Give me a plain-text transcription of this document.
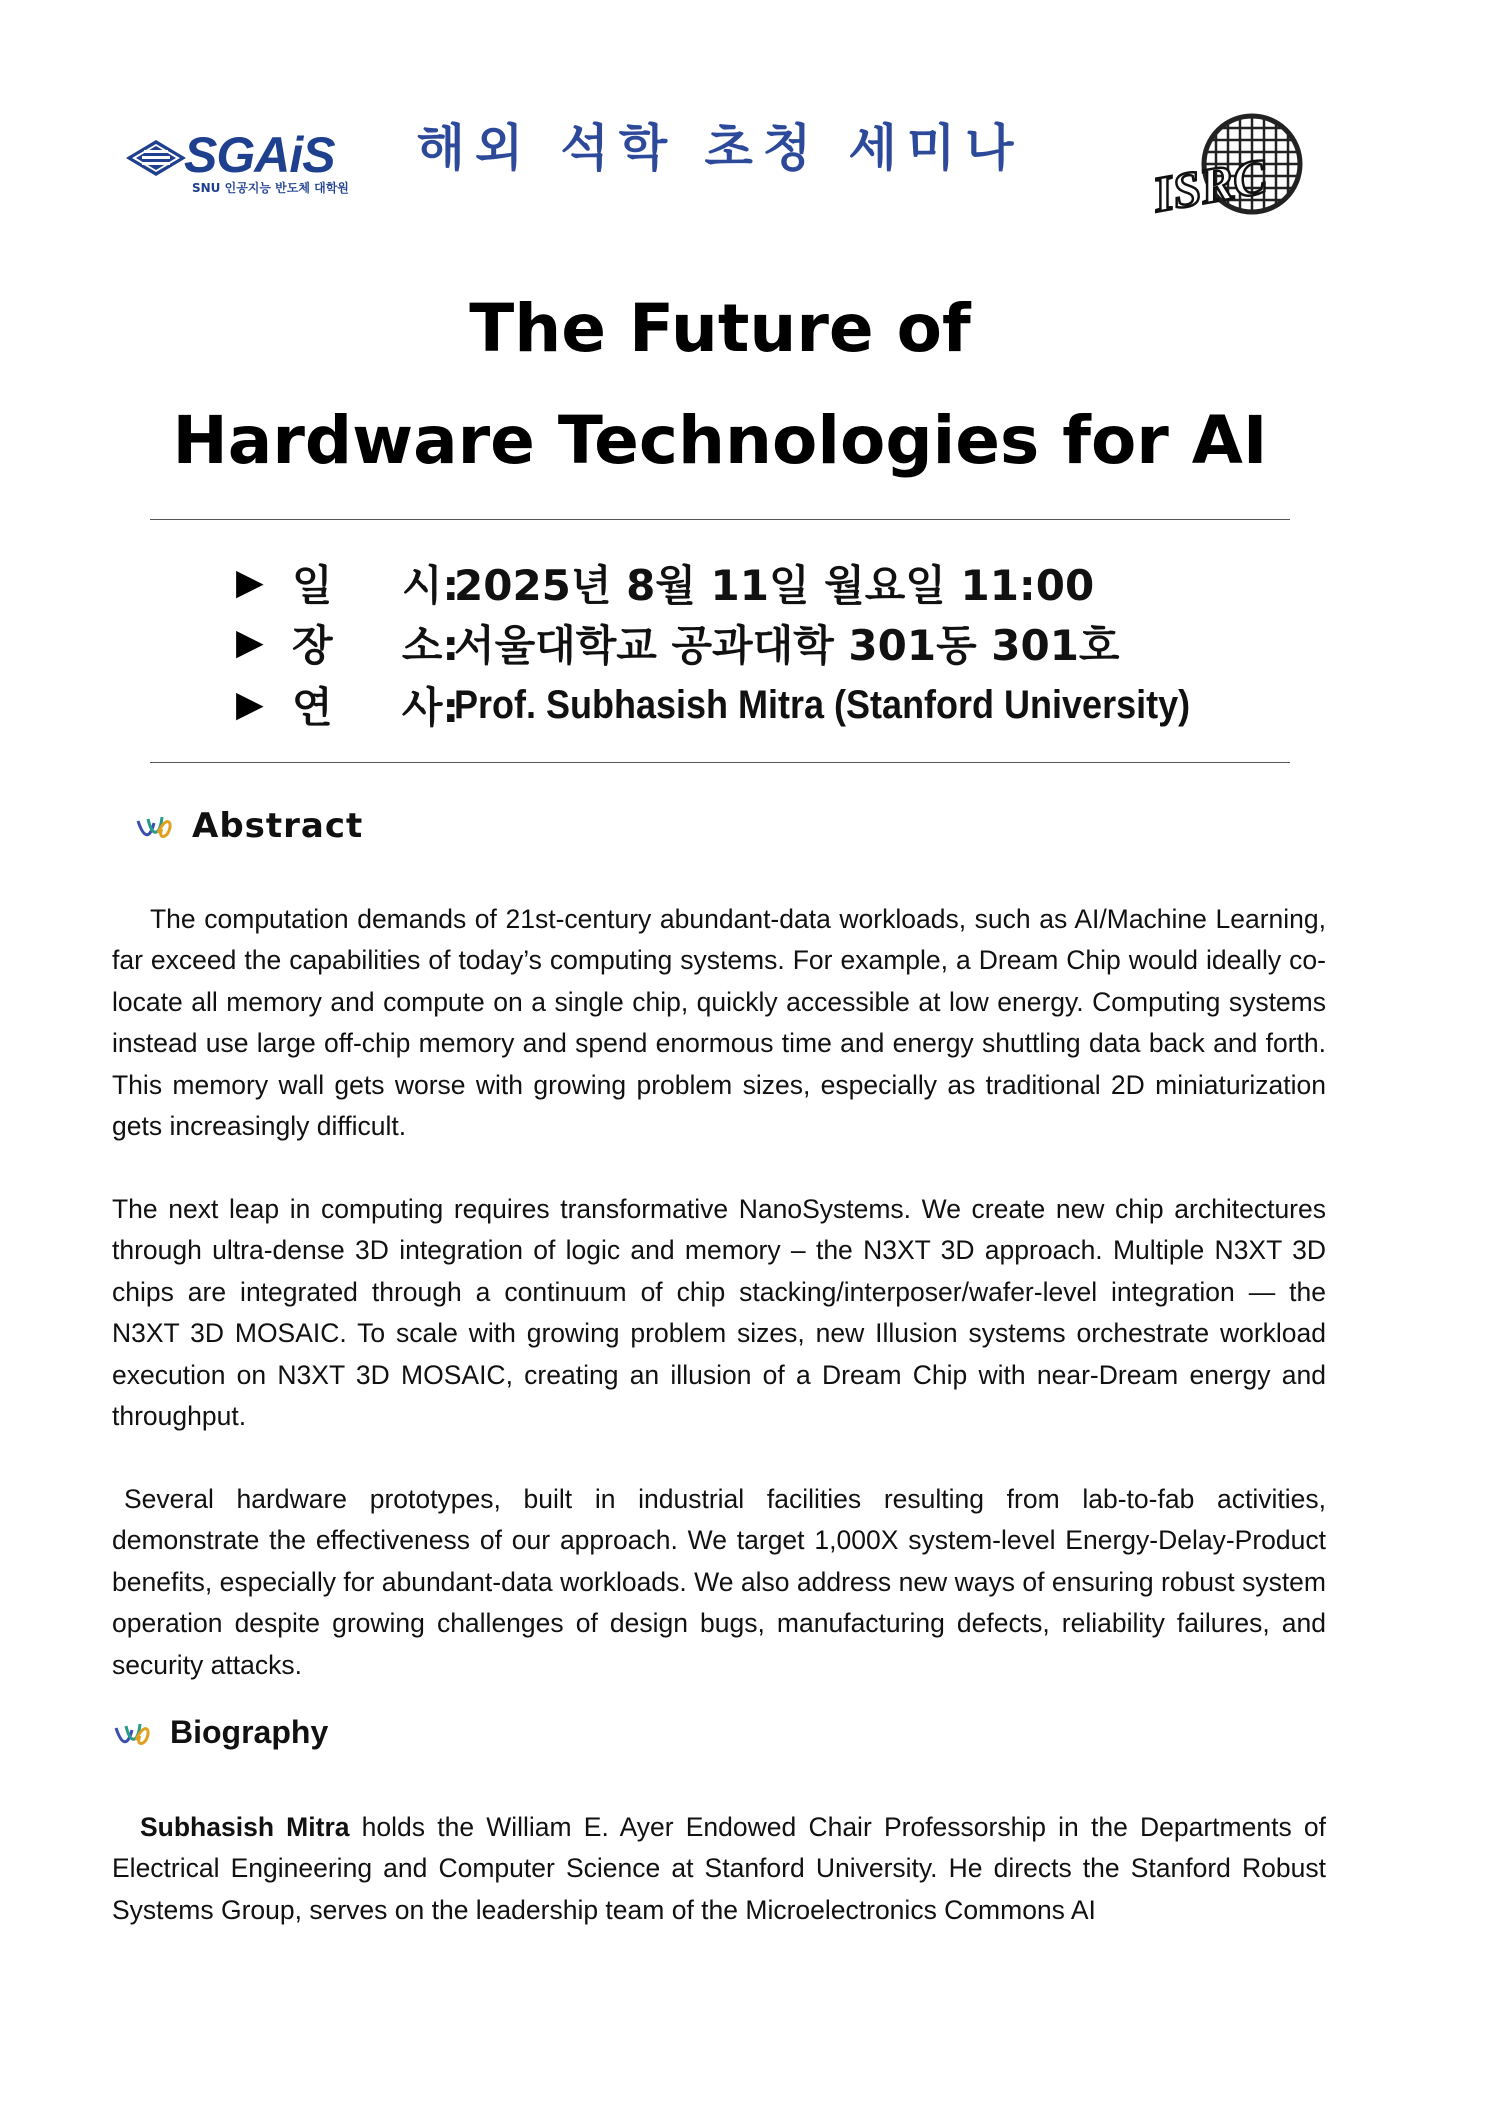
SGAiS
SNU 인공지능 반도체 대학원
해외 석학 초청 세미나	ISRC
The Future of
Hardware Technologies for AI
▶ 일  시:
2025년 8월 11일 월요일 11:00
▶ 장  소:
서울대학교 공과대학 301동 301호
▶ 연  사:
Prof. Subhasish Mitra (Stanford University)
Abstract

The computation demands of 21st-century abundant-data workloads, such as AI/Machine Learning, far exceed the capabilities of today’s computing systems. For example, a Dream Chip would ideally co-locate all memory and compute on a single chip, quickly accessible at low energy. Computing systems instead use large off-chip memory and spend enormous time and energy shuttling data back and forth. This memory wall gets worse with growing problem sizes, especially as traditional 2D miniaturization gets increasingly difficult.

The next leap in computing requires transformative NanoSystems. We create new chip architectures through ultra-dense 3D integration of logic and memory – the N3XT 3D approach. Multiple N3XT 3D chips are integrated through a continuum of chip stacking/interposer/wafer-level integration — the N3XT 3D MOSAIC. To scale with growing problem sizes, new Illusion systems orchestrate workload execution on N3XT 3D MOSAIC, creating an illusion of a Dream Chip with near-Dream energy and throughput.

Several hardware prototypes, built in industrial facilities resulting from lab-to-fab activities, demonstrate the effectiveness of our approach. We target 1,000X system-level Energy-Delay-Product benefits, especially for abundant-data workloads. We also address new ways of ensuring robust system operation despite growing challenges of design bugs, manufacturing defects, reliability failures, and security attacks.

Biography

Subhasish Mitra holds the William E. Ayer Endowed Chair Professorship in the Departments of Electrical Engineering and Computer Science at Stanford University. He directs the Stanford Robust Systems Group, serves on the leadership team of the Microelectronics Commons AI
